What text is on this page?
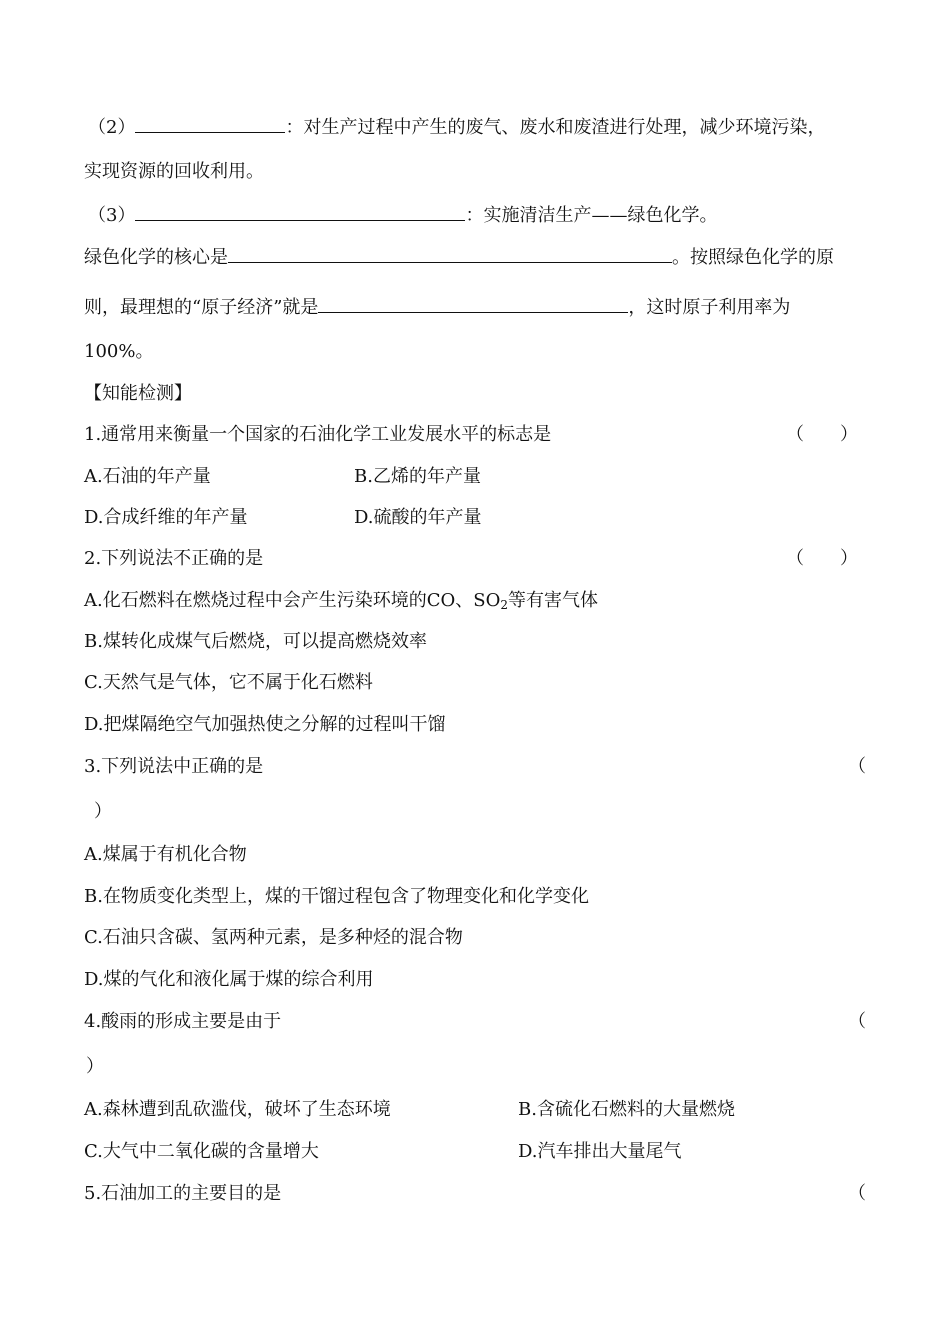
（2）	：对生产过程中产生的废气、废水和废渣进行处理，减少环境污染，
实现资源的回收利用。
（3）	：实施清洁生产——绿色化学。
绿色化学的核心是	。按照绿色化学的原
则，最理想的“原子经济”就是	，这时原子利用率为
100%。
【知能检测】
1.通常用来衡量一个国家的石油化学工业发展水平的标志是	（　　）
A.石油的年产量	B.乙烯的年产量
D.合成纤维的年产量	D.硫酸的年产量
2.下列说法不正确的是	（　　）
A.化石燃料在燃烧过程中会产生污染环境的CO、$SO_2$等有害气体
B.煤转化成煤气后燃烧，可以提高燃烧效率
C.天然气是气体，它不属于化石燃料
D.把煤隔绝空气加强热使之分解的过程叫干馏
3.下列说法中正确的是	（
）
A.煤属于有机化合物
B.在物质变化类型上，煤的干馏过程包含了物理变化和化学变化
C.石油只含碳、氢两种元素，是多种烃的混合物
D.煤的气化和液化属于煤的综合利用
4.酸雨的形成主要是由于	（
）
A.森林遭到乱砍滥伐，破坏了生态环境	B.含硫化石燃料的大量燃烧
C.大气中二氧化碳的含量增大	D.汽车排出大量尾气
5.石油加工的主要目的是	（
